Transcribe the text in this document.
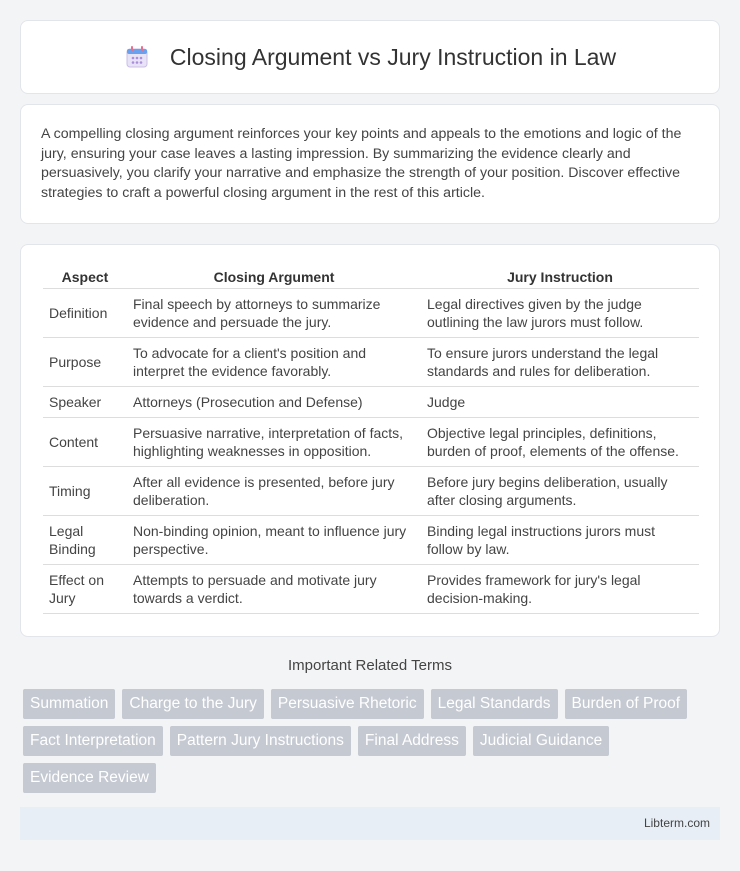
Closing Argument vs Jury Instruction in Law

A compelling closing argument reinforces your key points and appeals to the emotions and logic of the jury, ensuring your case leaves a lasting impression. By summarizing the evidence clearly and persuasively, you clarify your narrative and emphasize the strength of your position. Discover effective strategies to craft a powerful closing argument in the rest of this article.

Aspect	Closing Argument	Jury Instruction
Definition	Final speech by attorneys to summarize evidence and persuade the jury.	Legal directives given by the judge outlining the law jurors must follow.
Purpose	To advocate for a client's position and interpret the evidence favorably.	To ensure jurors understand the legal standards and rules for deliberation.
Speaker	Attorneys (Prosecution and Defense)	Judge
Content	Persuasive narrative, interpretation of facts, highlighting weaknesses in opposition.	Objective legal principles, definitions, burden of proof, elements of the offense.
Timing	After all evidence is presented, before jury deliberation.	Before jury begins deliberation, usually after closing arguments.
Legal Binding	Non-binding opinion, meant to influence jury perspective.	Binding legal instructions jurors must follow by law.
Effect on Jury	Attempts to persuade and motivate jury towards a verdict.	Provides framework for jury's legal decision-making.
Important Related Terms
Summation	Charge to the Jury	Persuasive Rhetoric	Legal Standards	Burden of Proof
Fact Interpretation	Pattern Jury Instructions	Final Address	Judicial Guidance
Evidence Review
Libterm.com
